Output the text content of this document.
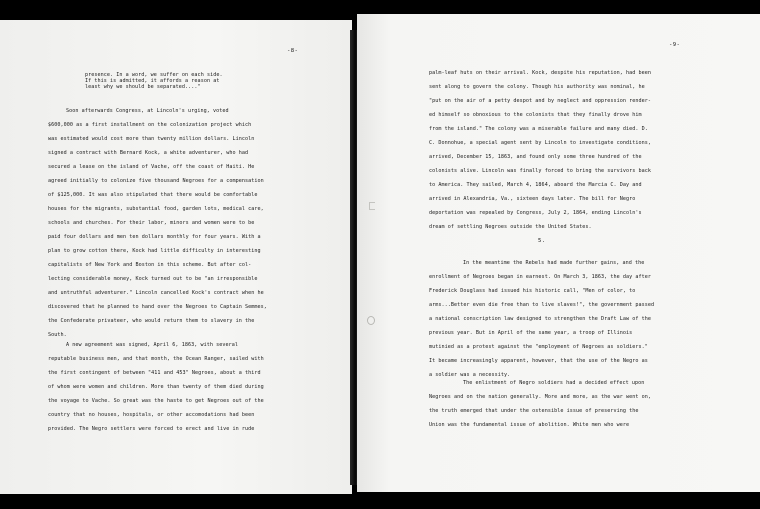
-8-
presence. In a word, we suffer on each side.
If this is admitted, it affords a reason at
least why we should be separated...."
Soon afterwards Congress, at Lincoln's urging, voted
$600,000 as a first installment on the colonization project which
was estimated would cost more than twenty million dollars. Lincoln
signed a contract with Bernard Kock, a white adventurer, who had
secured a lease on the island of Vache, off the coast of Haiti. He
agreed initially to colonize five thousand Negroes for a compensation
of $125,000. It was also stipulated that there would be comfortable
houses for the migrants, substantial food, garden lots, medical care,
schools and churches. For their labor, minors and women were to be
paid four dollars and men ten dollars monthly for four years. With a
plan to grow cotton there, Kock had little difficulty in interesting
capitalists of New York and Boston in this scheme. But after col-
lecting considerable money, Kock turned out to be "an irresponsible
and untruthful adventurer." Lincoln cancelled Kock's contract when he
discovered that he planned to hand over the Negroes to Captain Semmes,
the Confederate privateer, who would return them to slavery in the
South.
A new agreement was signed, April 6, 1863, with several
reputable business men, and that month, the Ocean Ranger, sailed with
the first contingent of between "411 and 453" Negroes, about a third
of whom were women and children. More than twenty of them died during
the voyage to Vache. So great was the haste to get Negroes out of the
country that no houses, hospitals, or other accomodations had been
provided. The Negro settlers were forced to erect and live in rude
-9-
palm-leaf huts on their arrival. Kock, despite his reputation, had been
sent along to govern the colony. Though his authority was nominal, he
"put on the air of a petty despot and by neglect and oppression render-
ed himself so obnoxious to the colonists that they finally drove him
from the island." The colony was a miserable failure and many died. D.
C. Donnohue, a special agent sent by Lincoln to investigate conditions,
arrived, December 15, 1863, and found only some three hundred of the
colonists alive. Lincoln was finally forced to bring the survivors back
to America. They sailed, March 4, 1864, aboard the Marcia C. Day and
arrived in Alexandria, Va., sixteen days later. The bill for Negro
deportation was repealed by Congress, July 2, 1864, ending Lincoln's
dream of settling Negroes outside the United States.
5.
In the meantime the Rebels had made further gains, and the
enrollment of Negroes began in earnest. On March 3, 1863, the day after
Frederick Douglass had issued his historic call, "Men of color, to
arms...Better even die free than to live slaves!", the government passed
a national conscription law designed to strengthen the Draft Law of the
previous year. But in April of the same year, a troop of Illinois
mutinied as a protest against the "employment of Negroes as soldiers."
It became increasingly apparent, however, that the use of the Negro as
a soldier was a necessity.
The enlistment of Negro soldiers had a decided effect upon
Negroes and on the nation generally. More and more, as the war went on,
the truth emerged that under the ostensible issue of preserving the
Union was the fundamental issue of abolition. White men who were
